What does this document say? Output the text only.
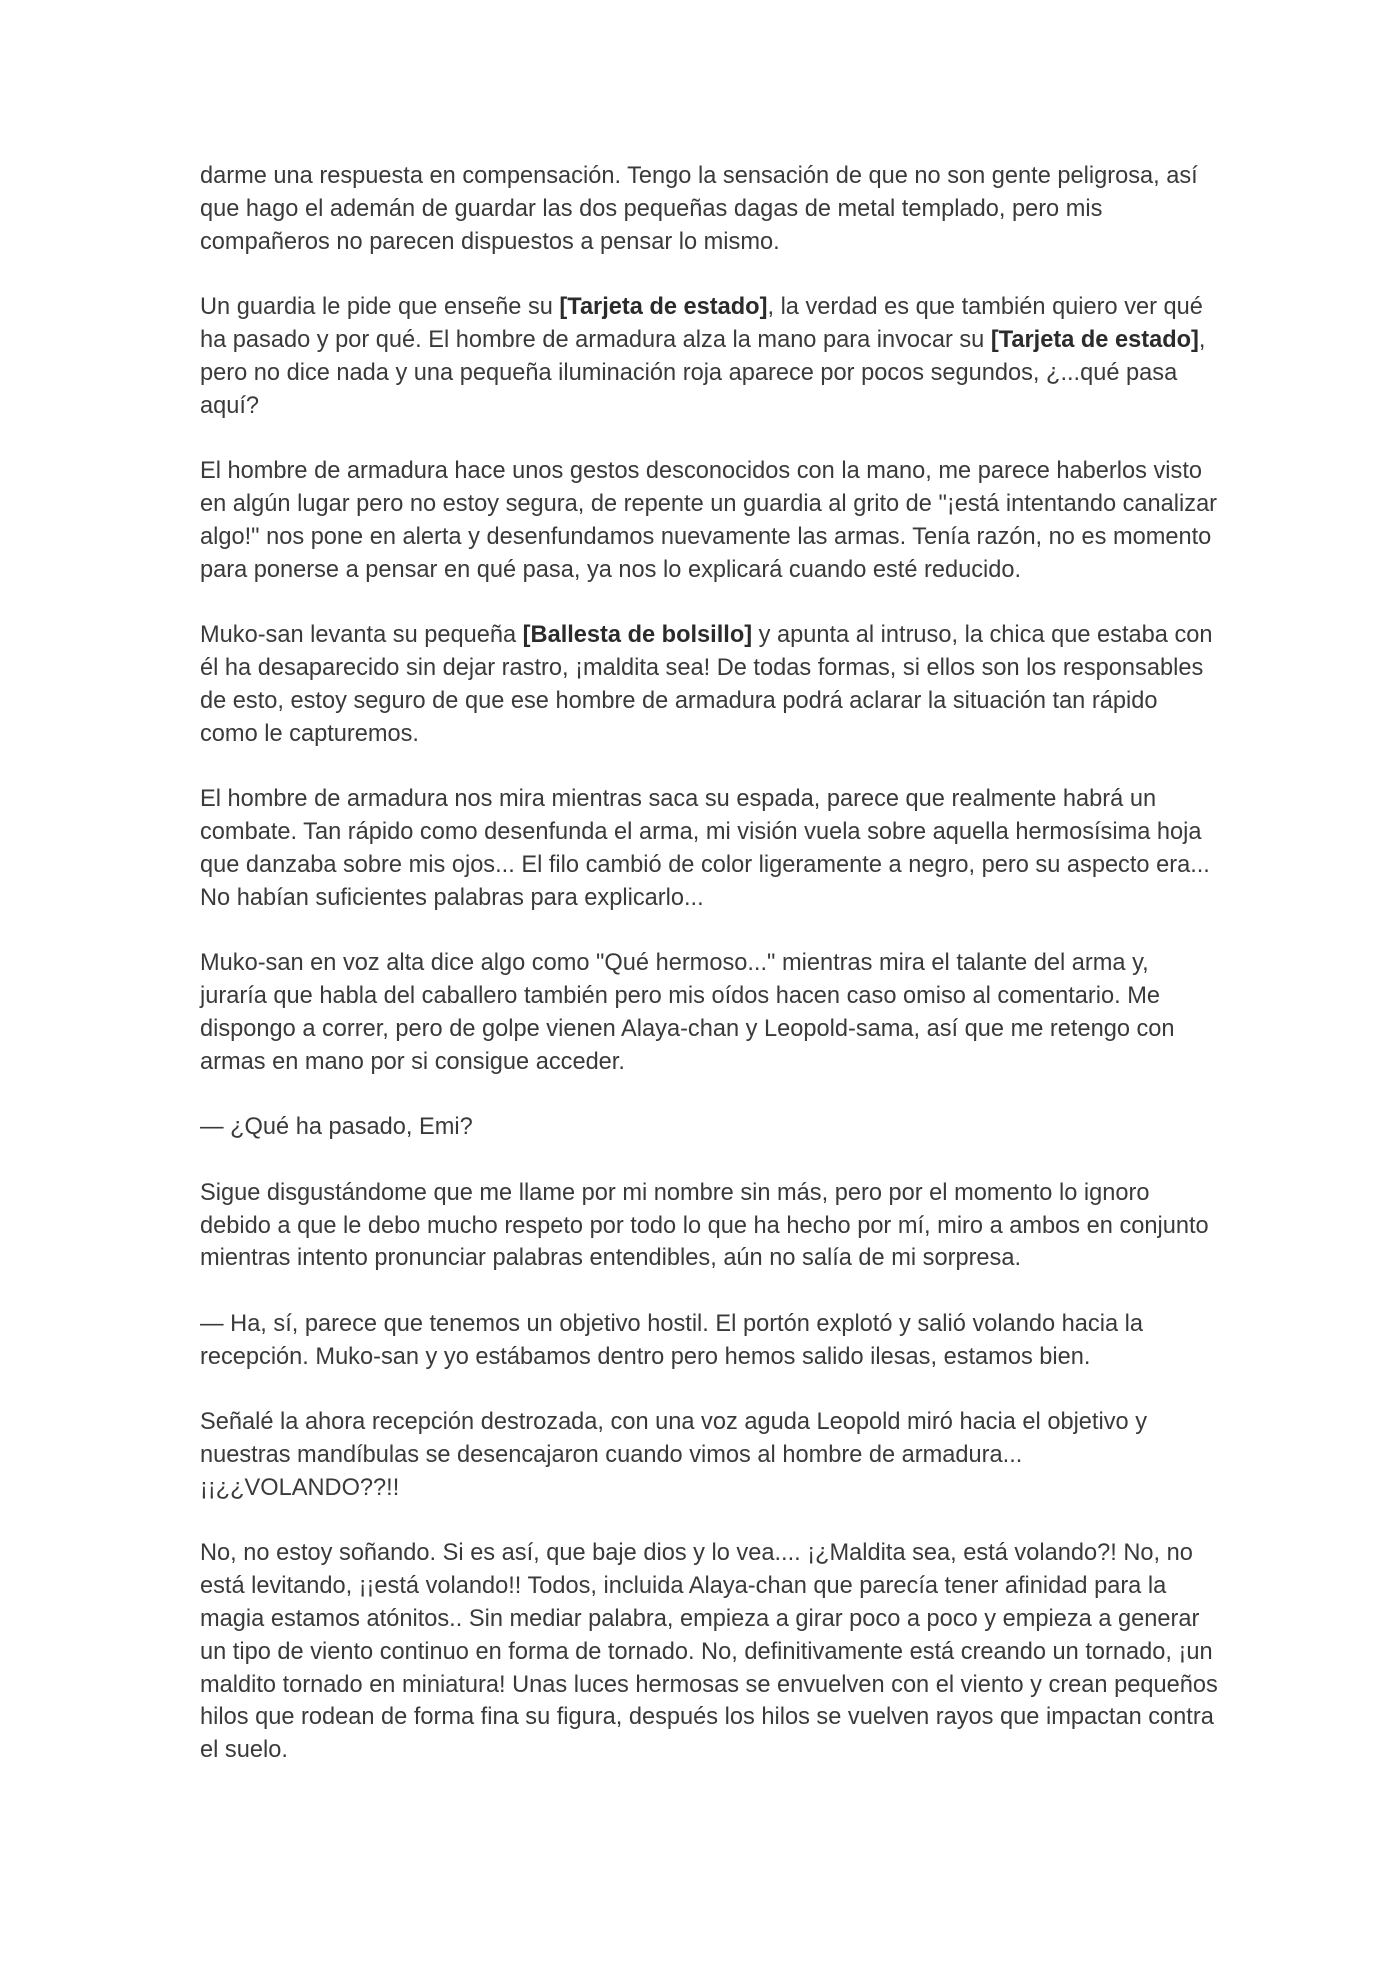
darme una respuesta en compensación. Tengo la sensación de que no son gente peligrosa, así que hago el ademán de guardar las dos pequeñas dagas de metal templado, pero mis compañeros no parecen dispuestos a pensar lo mismo.

Un guardia le pide que enseñe su [Tarjeta de estado], la verdad es que también quiero ver qué ha pasado y por qué. El hombre de armadura alza la mano para invocar su [Tarjeta de estado], pero no dice nada y una pequeña iluminación roja aparece por pocos segundos, ¿...qué pasa aquí?

El hombre de armadura hace unos gestos desconocidos con la mano, me parece haberlos visto en algún lugar pero no estoy segura, de repente un guardia al grito de "¡está intentando canalizar algo!" nos pone en alerta y desenfundamos nuevamente las armas. Tenía razón, no es momento para ponerse a pensar en qué pasa, ya nos lo explicará cuando esté reducido.

Muko-san levanta su pequeña [Ballesta de bolsillo] y apunta al intruso, la chica que estaba con él ha desaparecido sin dejar rastro, ¡maldita sea! De todas formas, si ellos son los responsables de esto, estoy seguro de que ese hombre de armadura podrá aclarar la situación tan rápido como le capturemos.

El hombre de armadura nos mira mientras saca su espada, parece que realmente habrá un combate. Tan rápido como desenfunda el arma, mi visión vuela sobre aquella hermosísima hoja que danzaba sobre mis ojos... El filo cambió de color ligeramente a negro, pero su aspecto era... No habían suficientes palabras para explicarlo...

Muko-san en voz alta dice algo como "Qué hermoso..." mientras mira el talante del arma y, juraría que habla del caballero también pero mis oídos hacen caso omiso al comentario. Me dispongo a correr, pero de golpe vienen Alaya-chan y Leopold-sama, así que me retengo con armas en mano por si consigue acceder.

— ¿Qué ha pasado, Emi?

Sigue disgustándome que me llame por mi nombre sin más, pero por el momento lo ignoro debido a que le debo mucho respeto por todo lo que ha hecho por mí, miro a ambos en conjunto mientras intento pronunciar palabras entendibles, aún no salía de mi sorpresa.

— Ha, sí, parece que tenemos un objetivo hostil. El portón explotó y salió volando hacia la recepción. Muko-san y yo estábamos dentro pero hemos salido ilesas, estamos bien.

Señalé la ahora recepción destrozada, con una voz aguda Leopold miró hacia el objetivo y nuestras mandíbulas se desencajaron cuando vimos al hombre de armadura... ¡¡¿¿VOLANDO??!!

No, no estoy soñando. Si es así, que baje dios y lo vea.... ¡¿Maldita sea, está volando?! No, no está levitando, ¡¡está volando!! Todos, incluida Alaya-chan que parecía tener afinidad para la magia estamos atónitos.. Sin mediar palabra, empieza a girar poco a poco y empieza a generar un tipo de viento continuo en forma de tornado. No, definitivamente está creando un tornado, ¡un maldito tornado en miniatura! Unas luces hermosas se envuelven con el viento y crean pequeños hilos que rodean de forma fina su figura, después los hilos se vuelven rayos que impactan contra el suelo.
